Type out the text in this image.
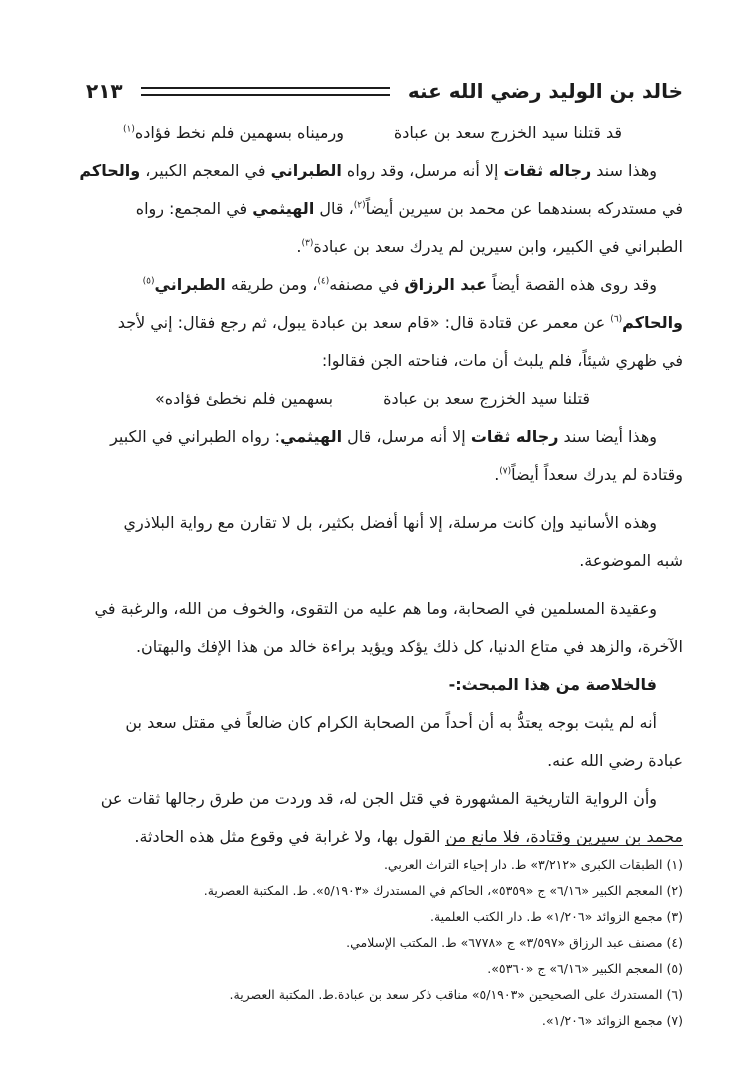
خالد بن الوليد رضي الله عنه
٢١٣
قد قتلنا سيد الخزرج سعد بن عبادة
ورميناه بسهمين فلم نخط فؤاده$^{(١)}$
وهذا سند رجاله ثقات إلا أنه مرسل، وقد رواه الطبراني في المعجم الكبير، والحاكم
في مستدركه بسندهما عن محمد بن سيرين أيضاً$^{(٢)}$، قال الهيثمي في المجمع: رواه
الطبراني في الكبير، وابن سيرين لم يدرك سعد بن عبادة$^{(٣)}$.
وقد روى هذه القصة أيضاً عبد الرزاق في مصنفه$^{(٤)}$، ومن طريقه الطبراني$^{(٥)}$
والحاكم$^{(٦)}$ عن معمر عن قتادة قال: «قام سعد بن عبادة يبول، ثم رجع فقال: إني لأجد
في ظهري شيئاً، فلم يلبث أن مات، فناحته الجن فقالوا:
قتلنا سيد الخزرج سعد بن عبادة
بسهمين فلم نخطئ فؤاده»
وهذا أيضا سند رجاله ثقات إلا أنه مرسل، قال الهيثمي: رواه الطبراني في الكبير
وقتادة لم يدرك سعداً أيضاً$^{(٧)}$.
وهذه الأسانيد وإن كانت مرسلة، إلا أنها أفضل بكثير، بل لا تقارن مع رواية البلاذري
شبه الموضوعة.
وعقيدة المسلمين في الصحابة، وما هم عليه من التقوى، والخوف من الله، والرغبة في
الآخرة، والزهد في متاع الدنيا، كل ذلك يؤكد ويؤيد براءة خالد من هذا الإفك والبهتان.
فالخلاصة من هذا المبحث:-
أنه لم يثبت بوجه يعتدُّ به أن أحداً من الصحابة الكرام كان ضالعاً في مقتل سعد بن
عبادة رضي الله عنه.
وأن الرواية التاريخية المشهورة في قتل الجن له، قد وردت من طرق رجالها ثقات عن
محمد بن سيرين وقتادة، فلا مانع من القول بها، ولا غرابة في وقوع مثل هذه الحادثة.
(١) الطبقات الكبرى «٣/٢١٢» ط. دار إحياء التراث العربي.
(٢) المعجم الكبير «٦/١٦» ج «٥٣٥٩»، الحاكم في المستدرك «٥/١٩٠٣». ط. المكتبة العصرية.
(٣) مجمع الزوائد «١/٢٠٦» ط. دار الكتب العلمية.
(٤) مصنف عبد الرزاق «٣/٥٩٧» ج «٦٧٧٨» ط. المكتب الإسلامي.
(٥) المعجم الكبير «٦/١٦» ج «٥٣٦٠».
(٦) المستدرك على الصحيحين «٥/١٩٠٣» مناقب ذكر سعد بن عبادة.ط. المكتبة العصرية.
(٧) مجمع الزوائد «١/٢٠٦».
